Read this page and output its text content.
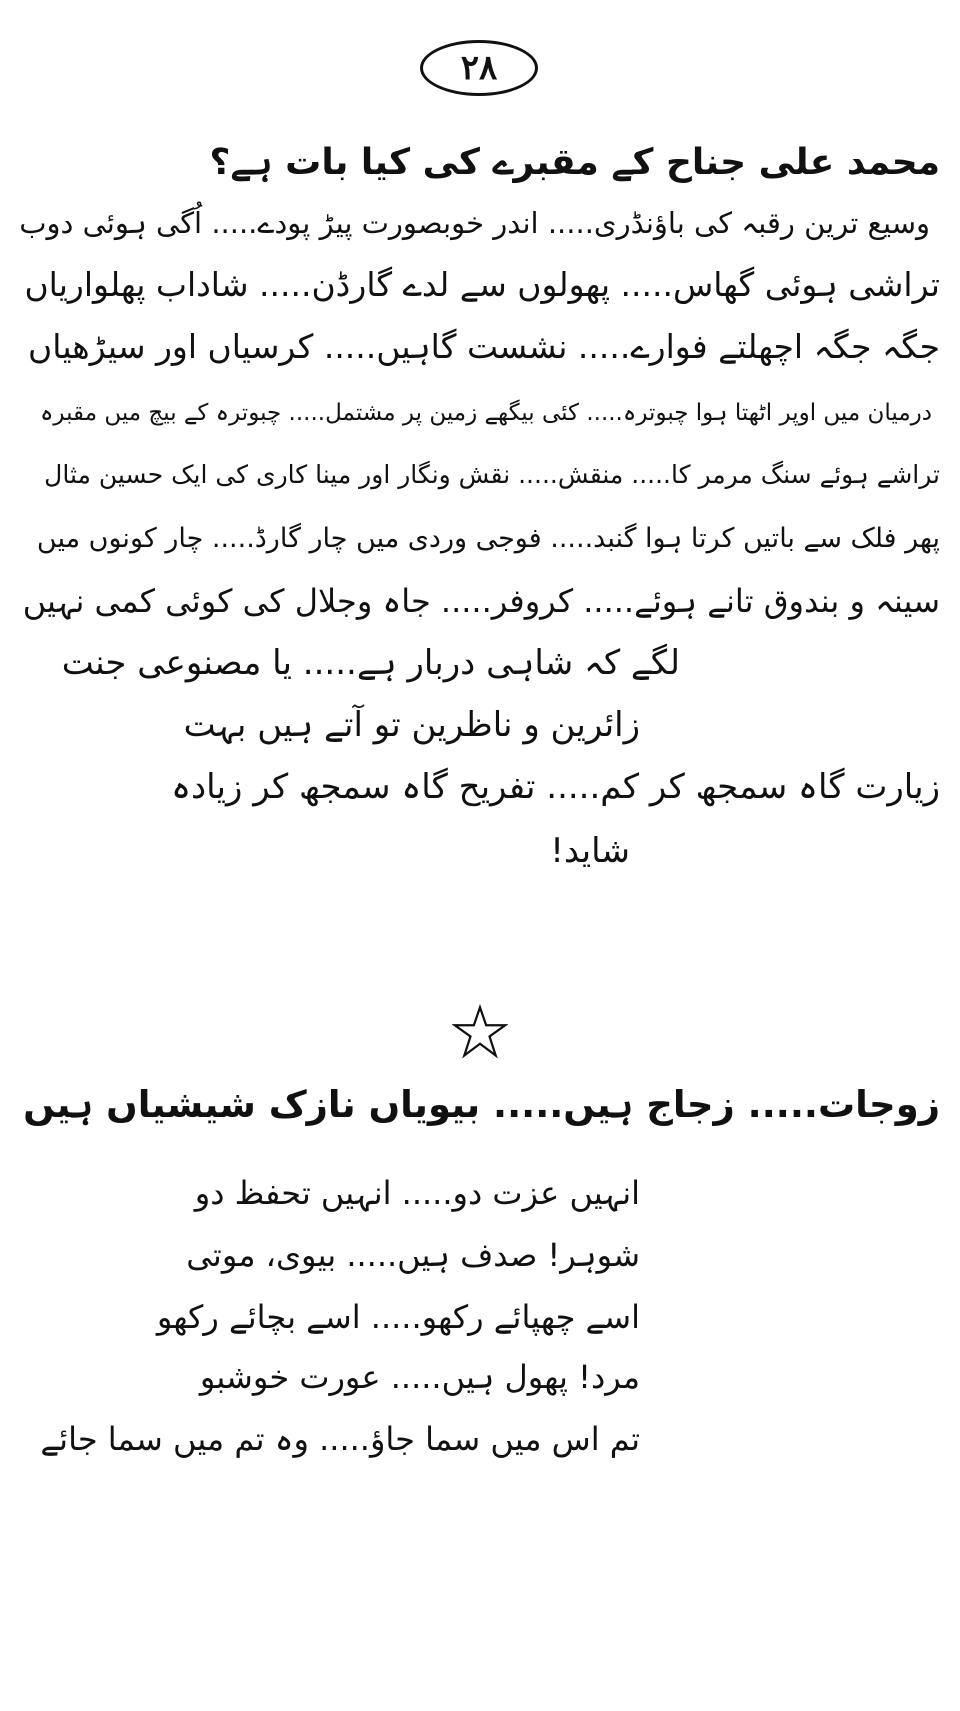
۲۸
محمد علی جناح کے مقبرے کی کیا بات ہے؟
وسیع ترین رقبہ کی باؤنڈری..... اندر خوبصورت پیڑ پودے..... اُگی ہوئی دوب
تراشی ہوئی گھاس..... پھولوں سے لدے گارڈن..... شاداب پھلواریاں
جگہ جگہ اچھلتے فوارے..... نشست گاہیں..... کرسیاں اور سیڑھیاں
درمیان میں اوپر اٹھتا ہوا چبوترہ..... کئی بیگھے زمین پر مشتمل..... چبوترہ کے بیچ میں مقبرہ
تراشے ہوئے سنگ مرمر کا..... منقش..... نقش ونگار اور مینا کاری کی ایک حسین مثال
پھر فلک سے باتیں کرتا ہوا گنبد..... فوجی وردی میں چار گارڈ..... چار کونوں میں
سینہ و بندوق تانے ہوئے..... کروفر..... جاہ وجلال کی کوئی کمی نہیں
لگے کہ شاہی دربار ہے..... یا مصنوعی جنت
زائرین و ناظرین تو آتے ہیں بہت
زیارت گاہ سمجھ کر کم..... تفریح گاہ سمجھ کر زیادہ
شاید!
زوجات..... زجاج ہیں..... بیویاں نازک شیشیاں ہیں
انہیں عزت دو..... انہیں تحفظ دو
شوہر! صدف ہیں..... بیوی، موتی
اسے چھپائے رکھو..... اسے بچائے رکھو
مرد! پھول ہیں..... عورت خوشبو
تم اس میں سما جاؤ..... وہ تم میں سما جائے
